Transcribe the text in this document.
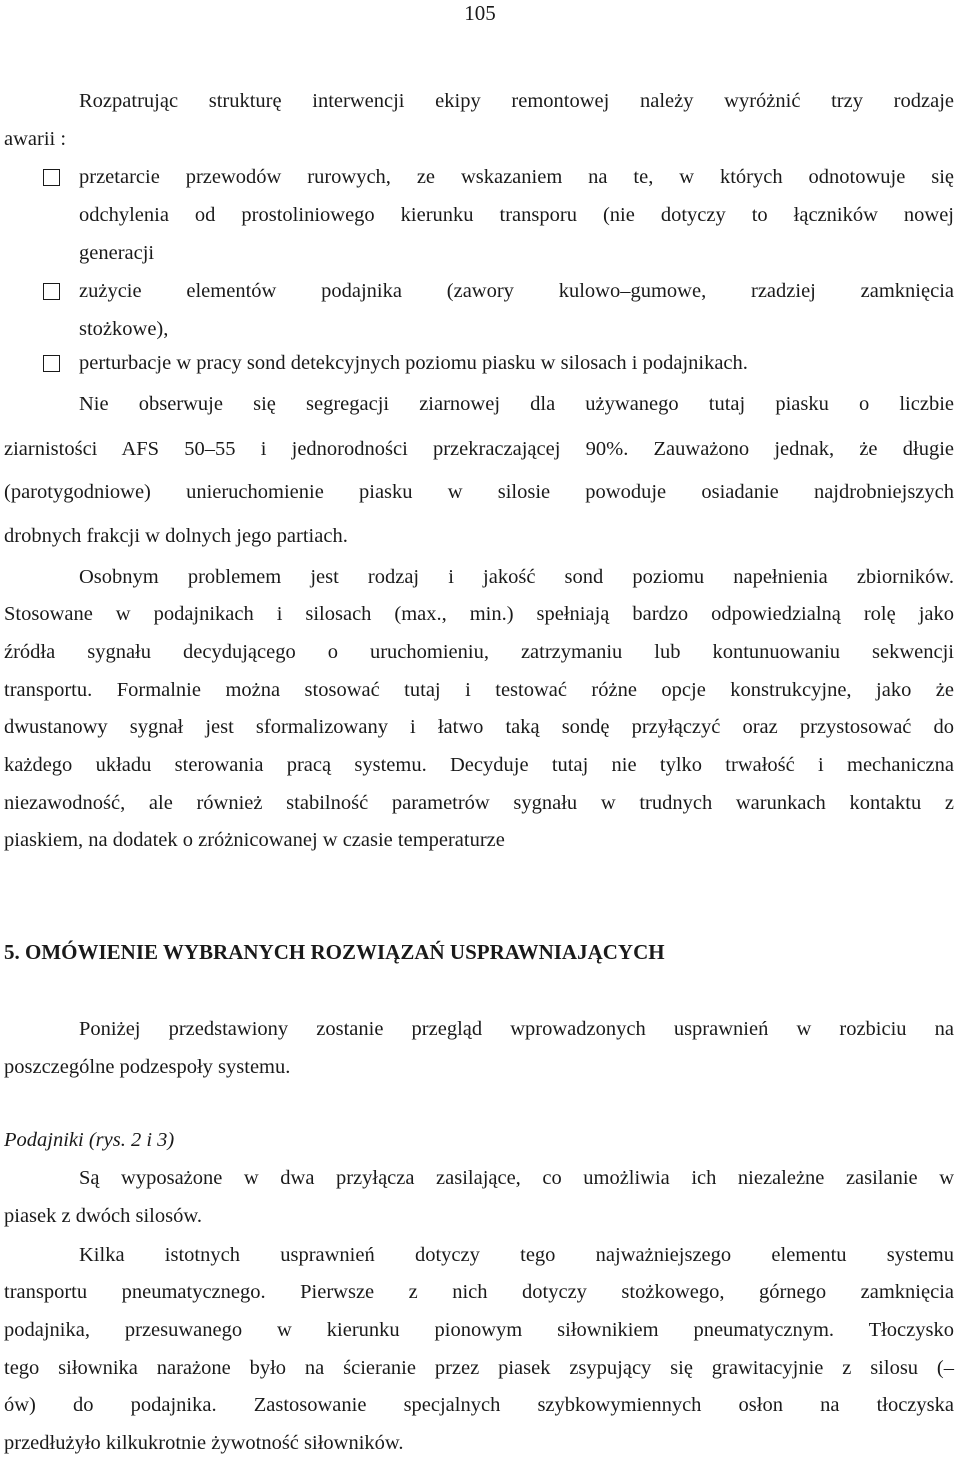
105
Rozpatrując strukturę interwencji ekipy remontowej należy wyróżnić trzy rodzaje
awarii :
przetarcie przewodów rurowych, ze wskazaniem na te, w których odnotowuje się
odchylenia od prostoliniowego kierunku transporu (nie dotyczy to łączników nowej
generacji
zużycie elementów podajnika (zawory kulowo–gumowe, rzadziej zamknięcia
stożkowe),
perturbacje w pracy sond detekcyjnych poziomu piasku w silosach i podajnikach.
Nie obserwuje się segregacji ziarnowej dla używanego tutaj piasku o liczbie
ziarnistości AFS 50–55 i jednorodności przekraczającej 90%. Zauważono jednak, że długie
(parotygodniowe) unieruchomienie piasku w silosie powoduje osiadanie najdrobniejszych
drobnych frakcji w dolnych jego partiach.
Osobnym problemem jest rodzaj i jakość sond poziomu napełnienia zbiorników.
Stosowane w podajnikach i silosach (max., min.) spełniają bardzo odpowiedzialną rolę jako
źródła sygnału decydującego o uruchomieniu, zatrzymaniu lub kontunuowaniu sekwencji
transportu. Formalnie można stosować tutaj i testować różne opcje konstrukcyjne, jako że
dwustanowy sygnał jest sformalizowany i łatwo taką sondę przyłączyć oraz przystosować do
każdego układu sterowania pracą systemu. Decyduje tutaj nie tylko trwałość i mechaniczna
niezawodność, ale również stabilność parametrów sygnału w trudnych warunkach kontaktu z
piaskiem, na dodatek o zróżnicowanej w czasie temperaturze
5. OMÓWIENIE WYBRANYCH ROZWIĄZAŃ USPRAWNIAJĄCYCH
Poniżej przedstawiony zostanie przegląd wprowadzonych usprawnień w rozbiciu na
poszczególne podzespoły systemu.
Podajniki (rys. 2 i 3)
Są wyposażone w dwa przyłącza zasilające, co umożliwia ich niezależne zasilanie w
piasek z dwóch silosów.
Kilka istotnych usprawnień dotyczy tego najważniejszego elementu systemu
transportu pneumatycznego. Pierwsze z nich dotyczy stożkowego, górnego zamknięcia
podajnika, przesuwanego w kierunku pionowym siłownikiem pneumatycznym. Tłoczysko
tego siłownika narażone było na ścieranie przez piasek zsypujący się grawitacyjnie z silosu (–
ów) do podajnika. Zastosowanie specjalnych szybkowymiennych osłon na tłoczyska
przedłużyło kilkukrotnie żywotność siłowników.
